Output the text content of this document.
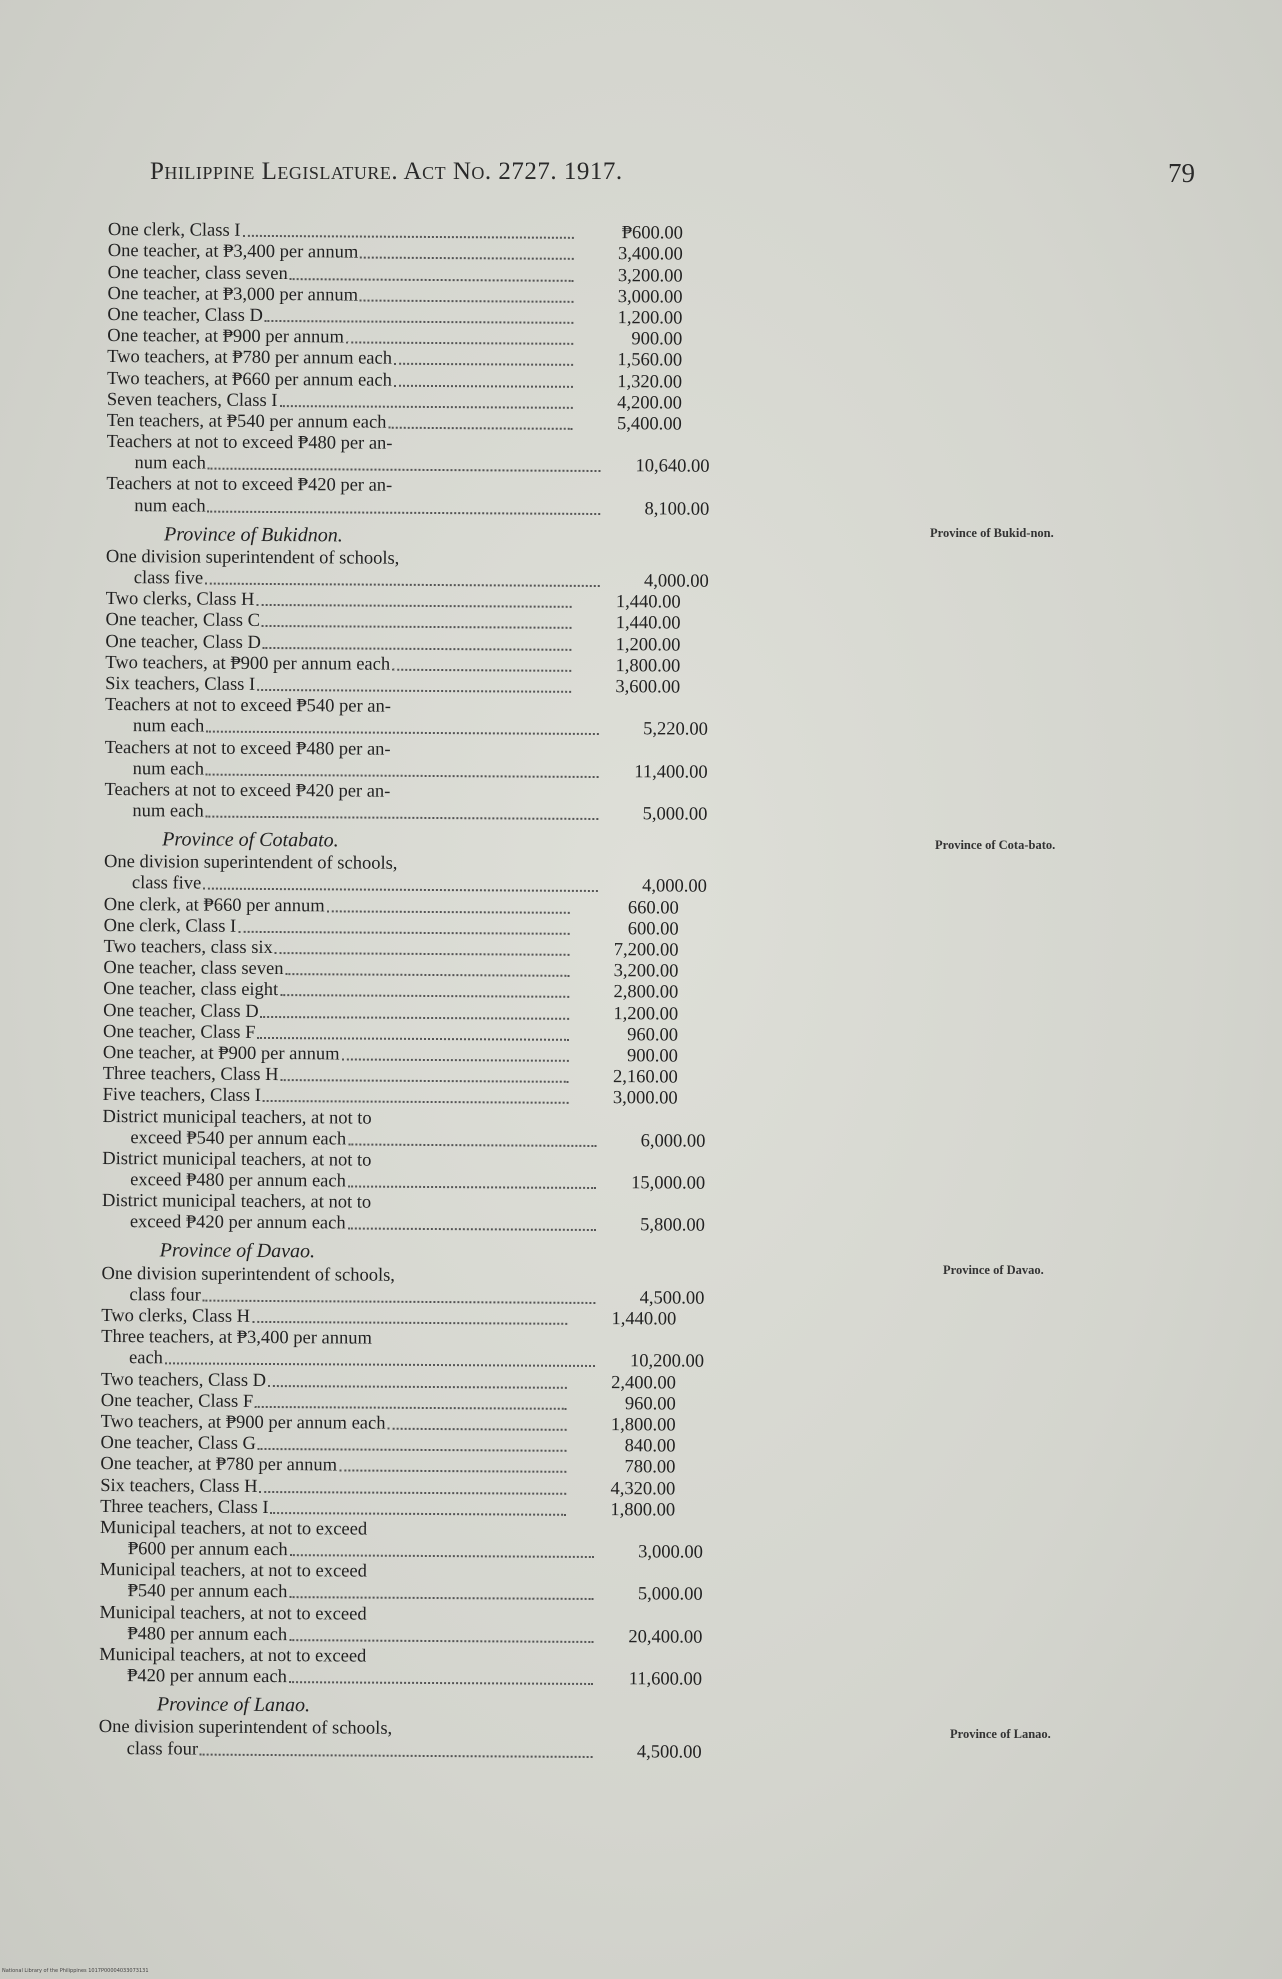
Philippine Legislature. Act No. 2727. 1917.	79
One clerk, Class I	₱600.00
One teacher, at ₱3,400 per annum	3,400.00
One teacher, class seven	3,200.00
One teacher, at ₱3,000 per annum	3,000.00
One teacher, Class D	1,200.00
One teacher, at ₱900 per annum	900.00
Two teachers, at ₱780 per annum each	1,560.00
Two teachers, at ₱660 per annum each	1,320.00
Seven teachers, Class I	4,200.00
Ten teachers, at ₱540 per annum each	5,400.00
Teachers at not to exceed ₱480 per an-
num each	10,640.00
Teachers at not to exceed ₱420 per an-
num each	8,100.00
Province of Bukidnon.
One division superintendent of schools,
class five	4,000.00
Two clerks, Class H	1,440.00
One teacher, Class C	1,440.00
One teacher, Class D	1,200.00
Two teachers, at ₱900 per annum each	1,800.00
Six teachers, Class I	3,600.00
Teachers at not to exceed ₱540 per an-
num each	5,220.00
Teachers at not to exceed ₱480 per an-
num each	11,400.00
Teachers at not to exceed ₱420 per an-
num each	5,000.00
Province of Cotabato.
One division superintendent of schools,
class five	4,000.00
One clerk, at ₱660 per annum	660.00
One clerk, Class I	600.00
Two teachers, class six	7,200.00
One teacher, class seven	3,200.00
One teacher, class eight	2,800.00
One teacher, Class D	1,200.00
One teacher, Class F	960.00
One teacher, at ₱900 per annum	900.00
Three teachers, Class H	2,160.00
Five teachers, Class I	3,000.00
District municipal teachers, at not to
exceed ₱540 per annum each	6,000.00
District municipal teachers, at not to
exceed ₱480 per annum each	15,000.00
District municipal teachers, at not to
exceed ₱420 per annum each	5,800.00
Province of Davao.
One division superintendent of schools,
class four	4,500.00
Two clerks, Class H	1,440.00
Three teachers, at ₱3,400 per annum
each	10,200.00
Two teachers, Class D	2,400.00
One teacher, Class F	960.00
Two teachers, at ₱900 per annum each	1,800.00
One teacher, Class G	840.00
One teacher, at ₱780 per annum	780.00
Six teachers, Class H	4,320.00
Three teachers, Class I	1,800.00
Municipal teachers, at not to exceed
₱600 per annum each	3,000.00
Municipal teachers, at not to exceed
₱540 per annum each	5,000.00
Municipal teachers, at not to exceed
₱480 per annum each	20,400.00
Municipal teachers, at not to exceed
₱420 per annum each	11,600.00
Province of Lanao.
One division superintendent of schools,
class four	4,500.00
Province of Bukid-non.
Province of Cota-bato.
Province of Davao.
Province of Lanao.
National Library of the Philippines 1017P00004033073131
